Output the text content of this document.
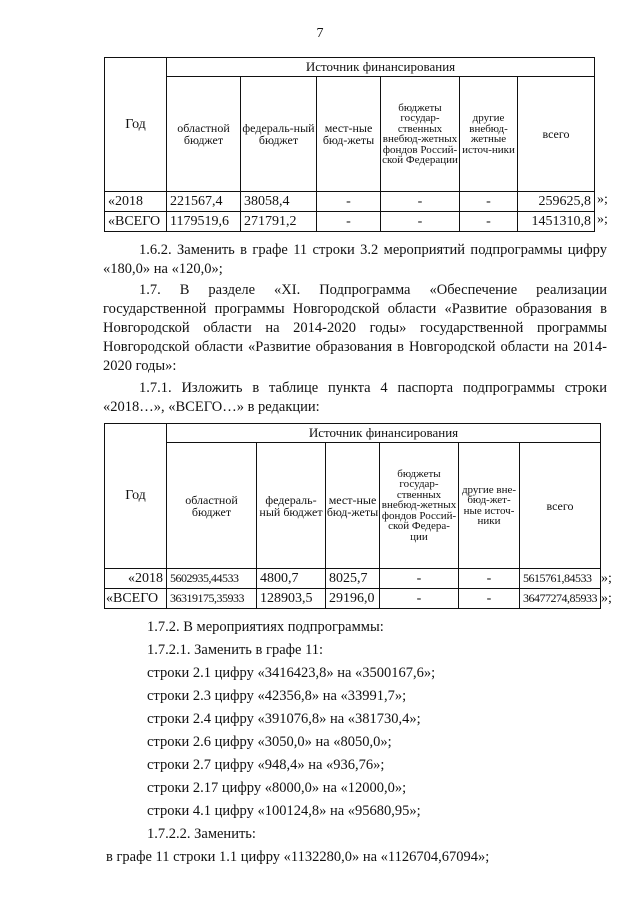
7
Год	Источник финансирования					
	областной бюджет	федераль-ный бюджет	мест-ные бюд-жеты	бюджеты государ-ственных внебюд-жетных фондов Россий-ской Федерации	другие внебюд-жетные источ-ники	всего
«2018	221567,4	38058,4	-	-	-	259625,8
«ВСЕГО	1179519,6	271791,2	-	-	-	1451310,8
»;
»;

1.6.2. Заменить в графе 11 строки 3.2 мероприятий подпрограммы цифру «180,0» на «120,0»;

1.7. В разделе «XI. Подпрограмма «Обеспечение реализации государственной программы Новгородской области «Развитие образования в Новгородской области на 2014-2020 годы» государственной программы Новгородской области «Развитие образования в Новгородской области на 2014-2020 годы»:

1.7.1. Изложить в таблице пункта 4 паспорта подпрограммы строки «2018…», «ВСЕГО…» в редакции:

Год	Источник финансирования					
	областной бюджет	федераль-ный бюджет	мест-ные бюд-жеты	бюджеты государ-ственных внебюд-жетных фондов Россий-ской Федера-ции	другие вне-бюд-жет-ные источ-ники	всего
«2018	5602935,44533	4800,7	8025,7	-	-	5615761,84533
«ВСЕГО	36319175,35933	128903,5	29196,0	-	-	36477274,85933
»;
»;
1.7.2. В мероприятиях подпрограммы:
1.7.2.1. Заменить в графе 11:
строки 2.1 цифру «3416423,8» на «3500167,6»;
строки 2.3 цифру «42356,8» на «33991,7»;
строки 2.4 цифру «391076,8» на «381730,4»;
строки 2.6 цифру «3050,0» на «8050,0»;
строки 2.7 цифру «948,4» на «936,76»;
строки 2.17 цифру «8000,0» на «12000,0»;
строки 4.1 цифру «100124,8» на «95680,95»;
1.7.2.2. Заменить:
в графе 11 строки 1.1 цифру «1132280,0» на «1126704,67094»;
